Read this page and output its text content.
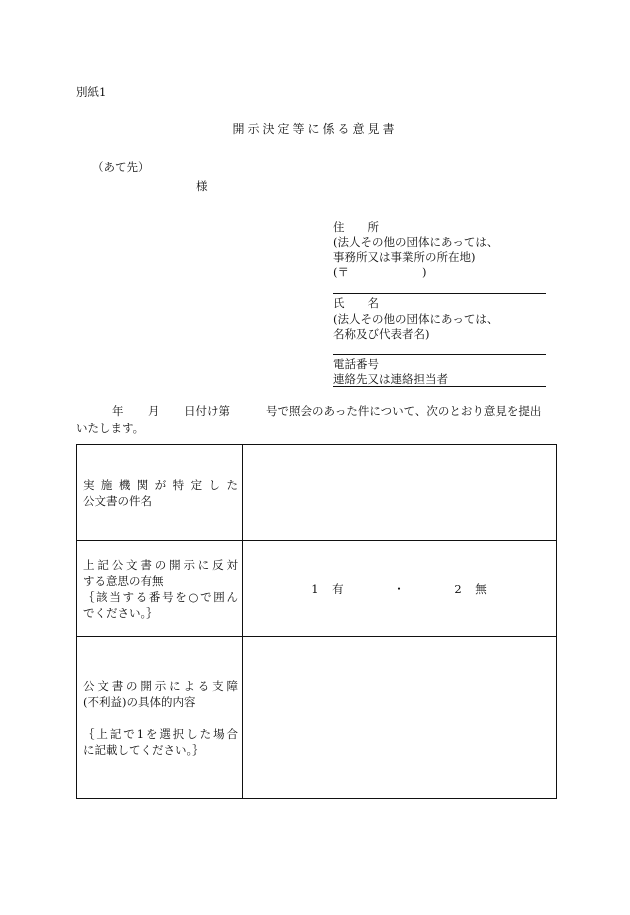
別紙1
開示決定等に係る意見書
（あて先）
様
住　　所
(法人その他の団体にあっては、
事務所又は事業所の所在地)
(〒	)
氏　　名
(法人その他の団体にあっては、
名称及び代表者名)
電話番号
連絡先又は連絡担当者
年 月 日付け第	号で照会のあった件について、次のとおり意見を提出
いたします。
実施機関が特定した
公文書の件名	

上記公文書の開示に反対
する意思の有無
｛該当する番号を○で囲ん
でください。｝	1　有 ・ 2　無

公文書の開示による支障
(不利益)の具体的内容
｛上記で1を選択した場合
に記載してください。｝	
